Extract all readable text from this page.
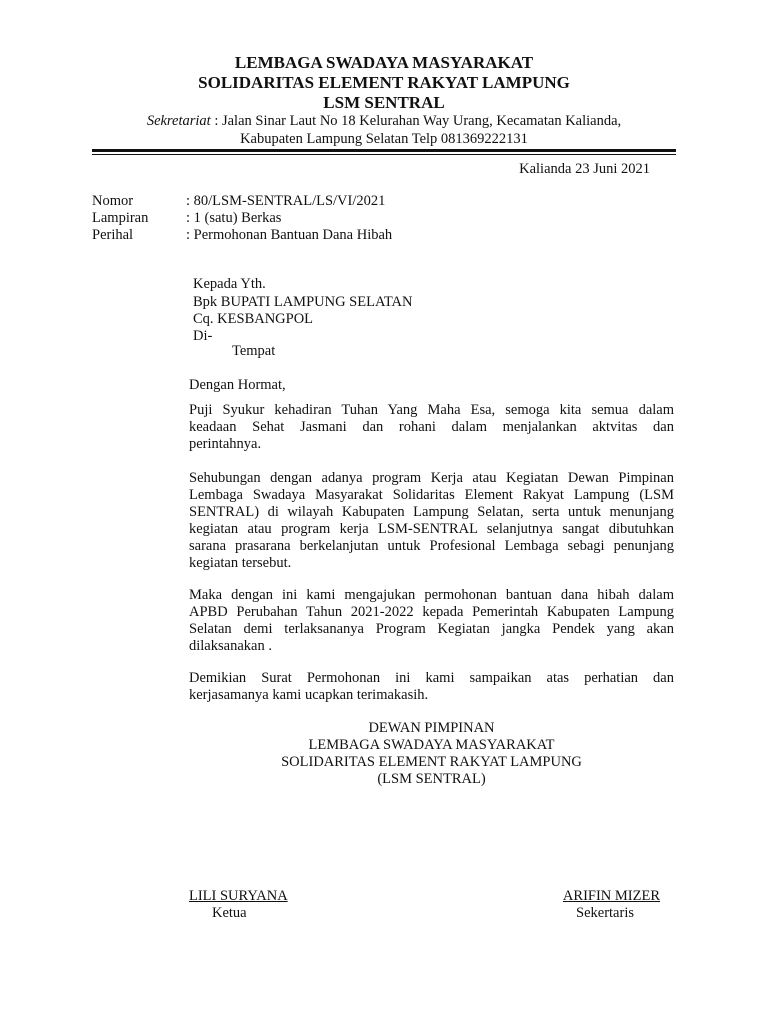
LEMBAGA SWADAYA MASYARAKAT
SOLIDARITAS ELEMENT RAKYAT LAMPUNG
LSM SENTRAL
Sekretariat : Jalan Sinar Laut No 18 Kelurahan Way Urang, Kecamatan Kalianda,
Kabupaten Lampung Selatan Telp 081369222131
Kalianda 23 Juni 2021
Nomor	: 80/LSM-SENTRAL/LS/VI/2021
Lampiran	: 1 (satu) Berkas
Perihal	: Permohonan Bantuan Dana Hibah
Kepada Yth.
Bpk BUPATI LAMPUNG SELATAN
Cq. KESBANGPOL
Di-
Tempat
Dengan Hormat,
Puji Syukur kehadiran Tuhan Yang Maha Esa, semoga kita semua dalam
keadaan Sehat Jasmani dan rohani dalam menjalankan aktvitas dan
perintahnya.
Sehubungan dengan adanya program Kerja atau Kegiatan Dewan Pimpinan
Lembaga Swadaya Masyarakat Solidaritas Element Rakyat Lampung (LSM
SENTRAL) di wilayah Kabupaten Lampung Selatan, serta untuk menunjang
kegiatan atau program kerja LSM-SENTRAL selanjutnya sangat dibutuhkan
sarana prasarana berkelanjutan untuk Profesional Lembaga sebagi penunjang
kegiatan tersebut.
Maka dengan ini kami mengajukan permohonan bantuan dana hibah dalam
APBD Perubahan Tahun 2021-2022 kepada Pemerintah Kabupaten Lampung
Selatan demi terlaksananya Program Kegiatan jangka Pendek yang akan
dilaksanakan .
Demikian Surat Permohonan ini kami sampaikan atas perhatian dan
kerjasamanya kami ucapkan terimakasih.
DEWAN PIMPINAN
LEMBAGA SWADAYA MASYARAKAT
SOLIDARITAS ELEMENT RAKYAT LAMPUNG
(LSM SENTRAL)
LILI SURYANA
Ketua
ARIFIN MIZER
Sekertaris
